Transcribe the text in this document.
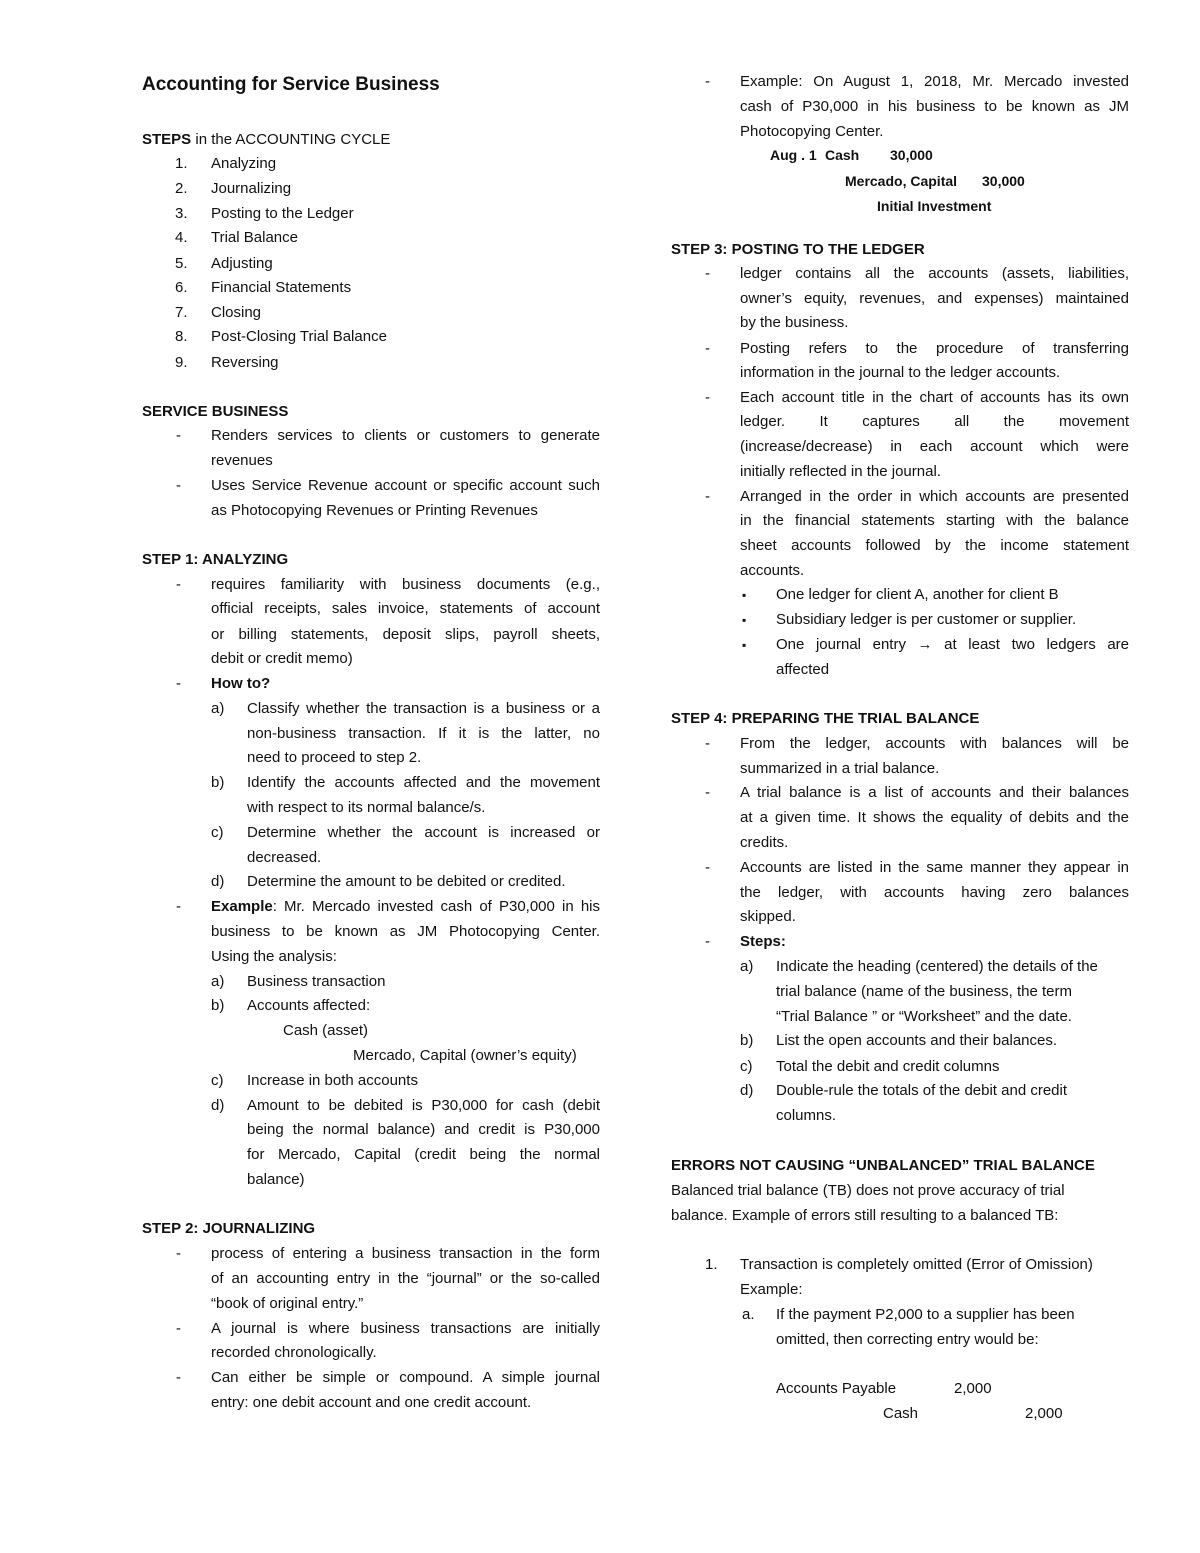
Accounting for Service Business
STEPS in the ACCOUNTING CYCLE
1. Analyzing
2. Journalizing
3. Posting to the Ledger
4. Trial Balance
5. Adjusting
6. Financial Statements
7. Closing
8. Post-Closing Trial Balance
9. Reversing
SERVICE BUSINESS
- Renders services to clients or customers to generate
revenues
- Uses Service Revenue account or specific account such
as Photocopying Revenues or Printing Revenues
STEP 1: ANALYZING
- requires familiarity with business documents (e.g.,
official receipts, sales invoice, statements of account
or billing statements, deposit slips, payroll sheets,
debit or credit memo)
- How to?
a) Classify whether the transaction is a business or a
non-business transaction. If it is the latter, no
need to proceed to step 2.
b) Identify the accounts affected and the movement
with respect to its normal balance/s.
c) Determine whether the account is increased or
decreased.
d) Determine the amount to be debited or credited.
- Example: Mr. Mercado invested cash of P30,000 in his
business to be known as JM Photocopying Center.
Using the analysis:
a) Business transaction
b) Accounts affected:
Cash (asset)
Mercado, Capital (owner’s equity)
c) Increase in both accounts
d) Amount to be debited is P30,000 for cash (debit
being the normal balance) and credit is P30,000
for Mercado, Capital (credit being the normal
balance)
STEP 2: JOURNALIZING
- process of entering a business transaction in the form
of an accounting entry in the “journal” or the so-called
“book of original entry.”
- A journal is where business transactions are initially
recorded chronologically.
- Can either be simple or compound. A simple journal
entry: one debit account and one credit account.
- Example: On August 1, 2018, Mr. Mercado invested
cash of P30,000 in his business to be known as JM
Photocopying Center.
Aug . 1 Cash 30,000
Mercado, Capital 30,000
Initial Investment
STEP 3: POSTING TO THE LEDGER
- ledger contains all the accounts (assets, liabilities,
owner’s equity, revenues, and expenses) maintained
by the business.
- Posting refers to the procedure of transferring
information in the journal to the ledger accounts.
- Each account title in the chart of accounts has its own
ledger. It captures all the movement
(increase/decrease) in each account which were
initially reflected in the journal.
- Arranged in the order in which accounts are presented
in the financial statements starting with the balance
sheet accounts followed by the income statement
accounts.
▪ One ledger for client A, another for client B
▪ Subsidiary ledger is per customer or supplier.
▪ One journal entry → at least two ledgers are
affected
STEP 4: PREPARING THE TRIAL BALANCE
- From the ledger, accounts with balances will be
summarized in a trial balance.
- A trial balance is a list of accounts and their balances
at a given time. It shows the equality of debits and the
credits.
- Accounts are listed in the same manner they appear in
the ledger, with accounts having zero balances
skipped.
- Steps:
a) Indicate the heading (centered) the details of the
trial balance (name of the business, the term
“Trial Balance ” or “Worksheet” and the date.
b) List the open accounts and their balances.
c) Total the debit and credit columns
d) Double-rule the totals of the debit and credit
columns.
ERRORS NOT CAUSING “UNBALANCED” TRIAL BALANCE
Balanced trial balance (TB) does not prove accuracy of trial
balance. Example of errors still resulting to a balanced TB:
1. Transaction is completely omitted (Error of Omission)
Example:
a. If the payment P2,000 to a supplier has been
omitted, then correcting entry would be:
Accounts Payable	2,000
Cash	2,000
